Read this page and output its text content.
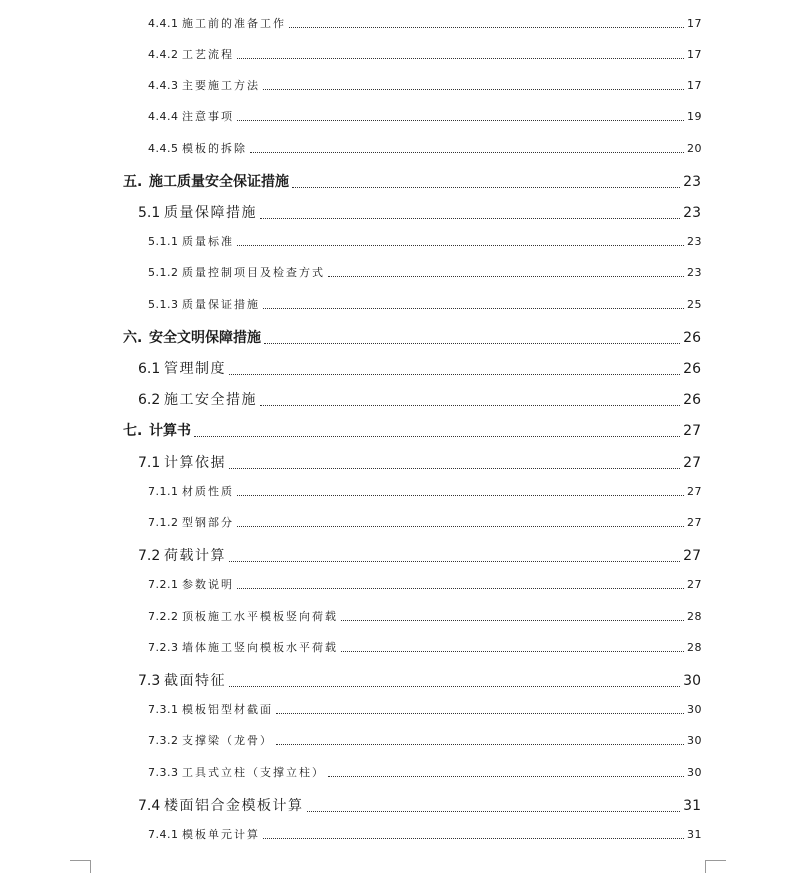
4.4.1 施工前的准备工作	17
4.4.2 工艺流程	17
4.4.3 主要施工方法	17
4.4.4 注意事项	19
4.4.5 模板的拆除	20
五. 施工质量安全保证措施	23
5.1 质量保障措施	23
5.1.1 质量标准	23
5.1.2 质量控制项目及检查方式	23
5.1.3 质量保证措施	25
六. 安全文明保障措施	26
6.1 管理制度	26
6.2 施工安全措施	26
七. 计算书	27
7.1 计算依据	27
7.1.1 材质性质	27
7.1.2 型钢部分	27
7.2 荷载计算	27
7.2.1 参数说明	27
7.2.2 顶板施工水平模板竖向荷载	28
7.2.3 墙体施工竖向模板水平荷载	28
7.3 截面特征	30
7.3.1 模板铝型材截面	30
7.3.2 支撑梁（龙骨）	30
7.3.3 工具式立柱（支撑立柱）	30
7.4 楼面铝合金模板计算	31
7.4.1 模板单元计算	31
